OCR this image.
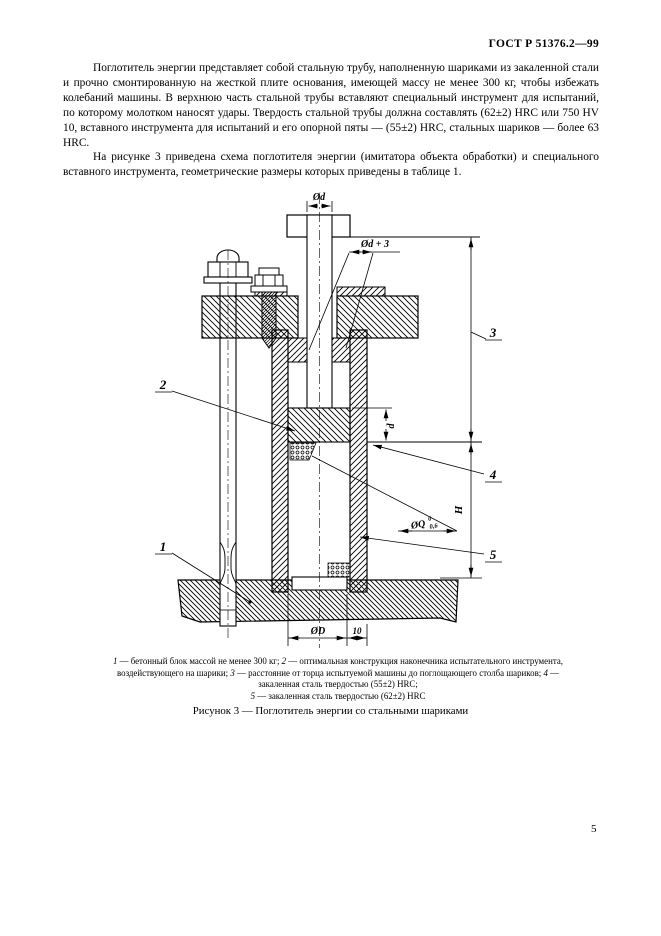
ГОСТ Р 51376.2—99

Поглотитель энергии представляет собой стальную трубу, наполненную шариками из закаленной стали и прочно смонтированную на жесткой плите основания, имеющей массу не менее 300 кг, чтобы избежать колебаний машины. В верхнюю часть стальной трубы вставляют специальный инструмент для испытаний, по которому молотком наносят удары. Твердость стальной трубы должна составлять (62±2) HRC или 750 HV 10, вставного инструмента для испытаний и его опорной пяты — (55±2) HRC, стальных шариков — более 63 HRC.

На рисунке 3 приведена схема поглотителя энергии (имитатора объекта обработки) и специального вставного инструмента, геометрические размеры которых приведены в таблице 1.

Ød
Ød + 3
d
3
H
4
ØQ 0
0,6
5
2
1
ØD	10
1 — бетонный блок массой не менее 300 кг; 2 — оптимальная конструкция наконечника испытательного инструмента, воздействующего на шарики; 3 — расстояние от торца испытуемой машины до поглощающего столба шариков; 4 — закаленная сталь твердостью (55±2) HRC;
5 — закаленная сталь твердостью (62±2) HRC
Рисунок 3 — Поглотитель энергии со стальными шариками
5
